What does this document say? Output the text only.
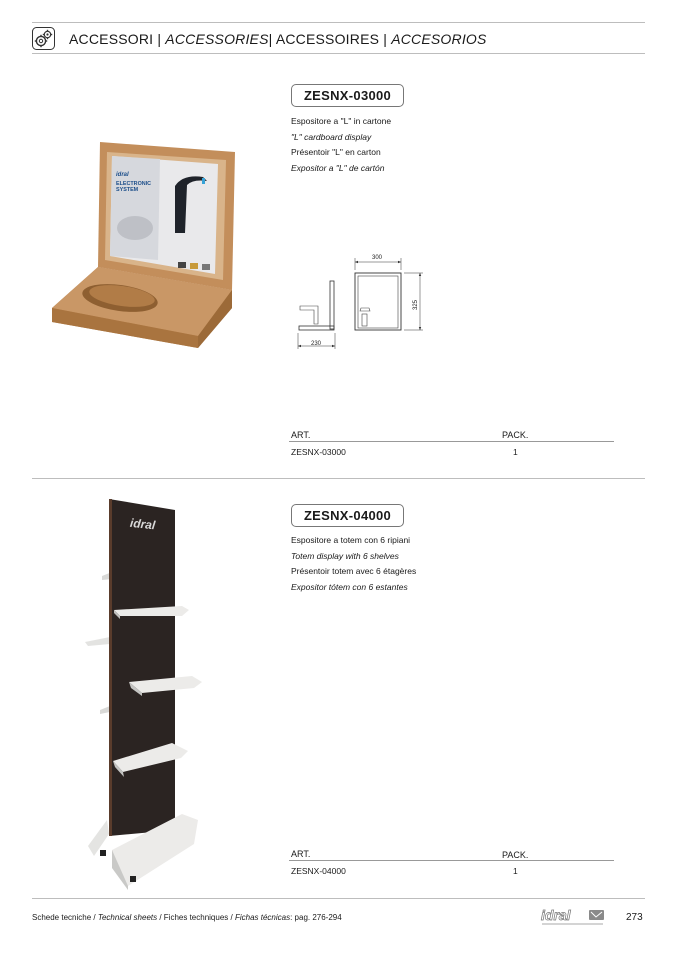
ACCESSORI | ACCESSORIES| ACCESSOIRES | ACCESORIOS
idral
ELECTRONIC
SYSTEM
ZESNX-03000
Espositore a "L" in cartone
"L" cardboard display
Présentoir "L" en carton
Expositor a "L" de cartón
230
300
325
ART.	PACK.
ZESNX-03000	1
idral
ZESNX-04000
Espositore a totem con 6 ripiani
Totem display with 6 shelves
Présentoir totem avec 6 étagères
Expositor tótem con 6 estantes
ART.	PACK.
ZESNX-04000	1
Schede tecniche / Technical sheets / Fiches techniques / Fichas técnicas: pag. 276-294	idral	273
